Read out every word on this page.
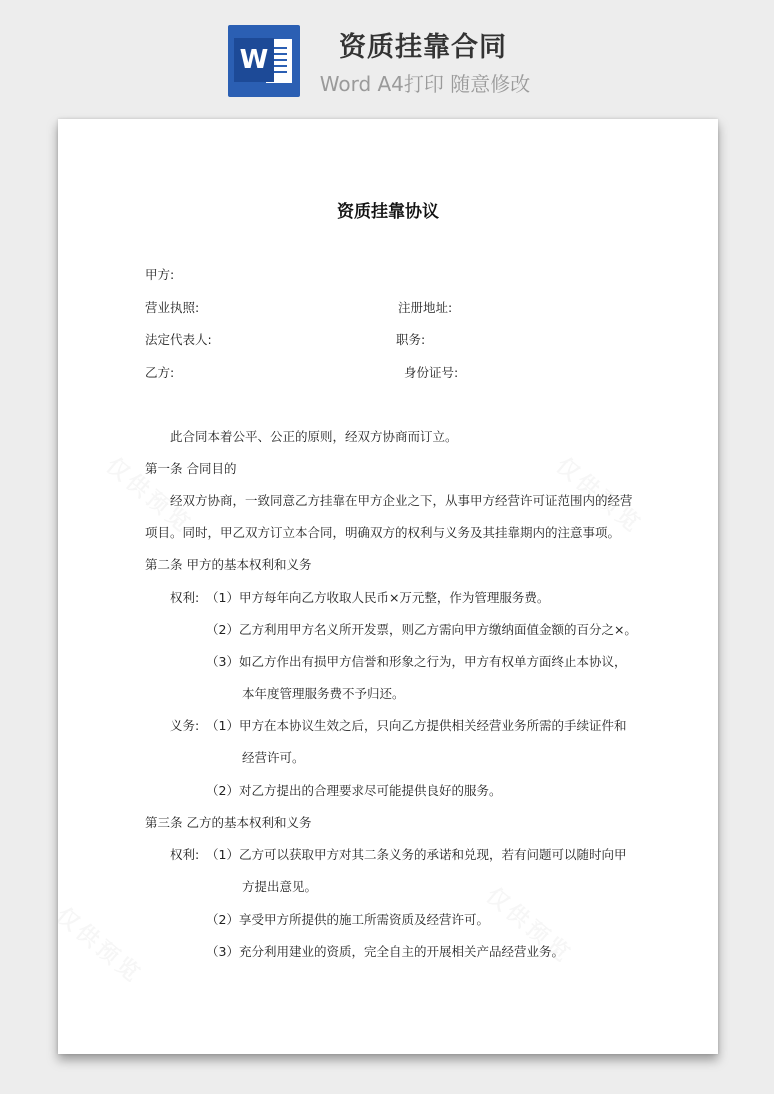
W	资质挂靠合同
Word A4打印 随意修改
资质挂靠协议
甲方:
营业执照:	注册地址:
法定代表人:	职务:
乙方:	身份证号:
此合同本着公平、公正的原则，经双方协商而订立。
第一条 合同目的
经双方协商，一致同意乙方挂靠在甲方企业之下，从事甲方经营许可证范围内的经营
项目。同时，甲乙双方订立本合同，明确双方的权利与义务及其挂靠期内的注意事项。
第二条 甲方的基本权利和义务
权利: （1）甲方每年向乙方收取人民币×万元整，作为管理服务费。
（2）乙方利用甲方名义所开发票，则乙方需向甲方缴纳面值金额的百分之×。
（3）如乙方作出有损甲方信誉和形象之行为，甲方有权单方面终止本协议，
本年度管理服务费不予归还。
义务: （1）甲方在本协议生效之后，只向乙方提供相关经营业务所需的手续证件和
经营许可。
（2）对乙方提出的合理要求尽可能提供良好的服务。
第三条 乙方的基本权利和义务
权利: （1）乙方可以获取甲方对其二条义务的承诺和兑现，若有问题可以随时向甲
方提出意见。
（2）享受甲方所提供的施工所需资质及经营许可。
（3）充分利用建业的资质，完全自主的开展相关产品经营业务。
